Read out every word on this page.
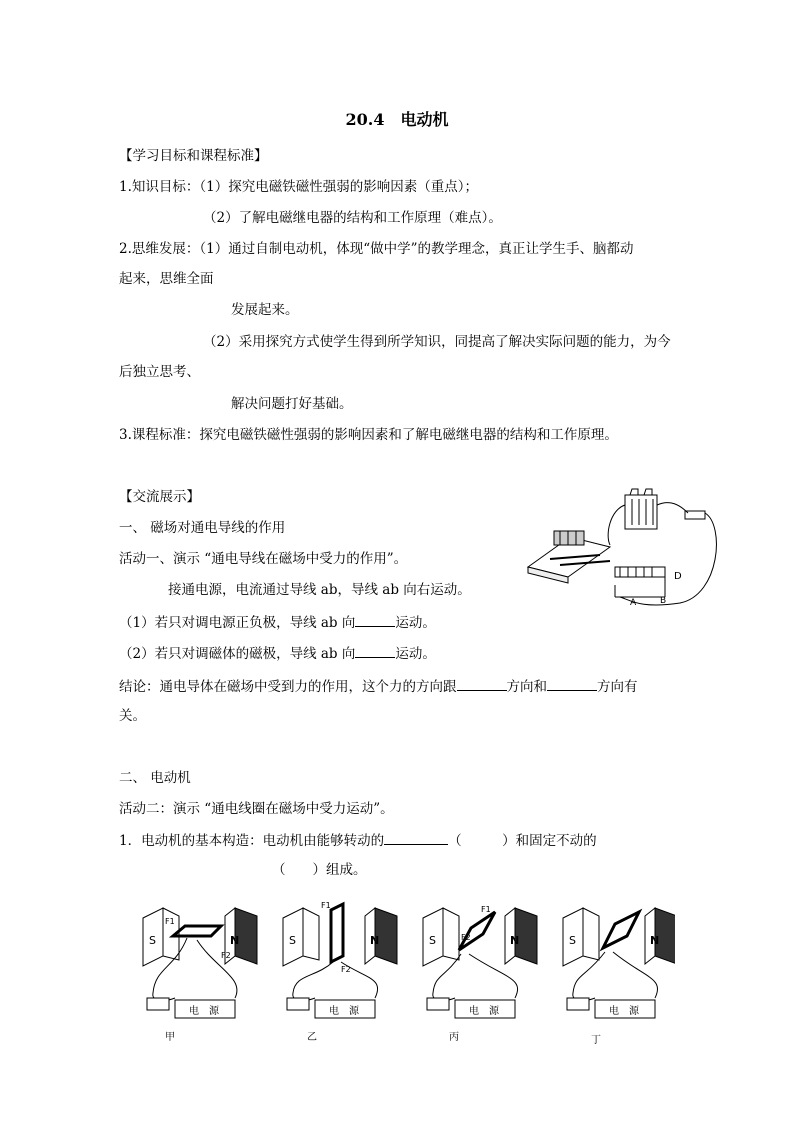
20.4　电动机
【学习目标和课程标准】
1.知识目标：（1）探究电磁铁磁性强弱的影响因素（重点）；
（2）了解电磁继电器的结构和工作原理（难点）。
2.思维发展：（1）通过自制电动机，体现“做中学”的教学理念，真正让学生手、脑都动
起来，思维全面
发展起来。
（2）采用探究方式使学生得到所学知识，同提高了解决实际问题的能力，为今
后独立思考、
解决问题打好基础。
3.课程标准：探究电磁铁磁性强弱的影响因素和了解电磁继电器的结构和工作原理。
【交流展示】
一、 磁场对通电导线的作用
活动一、演示 “通电导线在磁场中受力的作用”。
接通电源，电流通过导线 ab，导线 ab 向右运动。
（1）若只对调电源正负极，导线 ab 向	运动。
（2）若只对调磁体的磁极，导线 ab 向	运动。
结论：通电导体在磁场中受到力的作用，这个力的方向跟	方向和	方向有
关。
二、 电动机
活动二：演示 “通电线圈在磁场中受力运动”。
1．电动机的基本构造：电动机由能够转动的	（　　　）和固定不动的
（　　）组成。
D
A	B
S	N
F1
F2
电　源
甲
S	N
F1
F2
电　源
乙
S	N
F1
F2
电　源
丙
S	N
电　源
丁
